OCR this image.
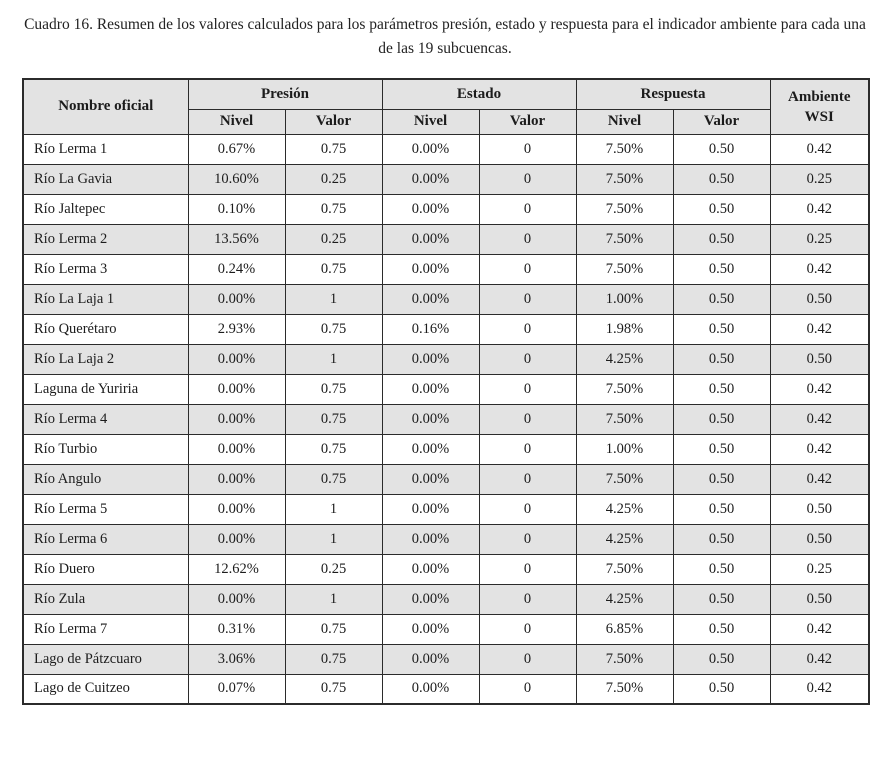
Cuadro 16. Resumen de los valores calculados para los parámetros presión, estado y respuesta para el indicador ambiente para cada una de las 19 subcuencas.

Nombre oficial	Presión		Estado		Respuesta		Ambiente
WSI
	Nivel	Valor	Nivel	Valor	Nivel	Valor	
Río Lerma 1	0.67%	0.75	0.00%	0	7.50%	0.50	0.42
Río La Gavia	10.60%	0.25	0.00%	0	7.50%	0.50	0.25
Río Jaltepec	0.10%	0.75	0.00%	0	7.50%	0.50	0.42
Río Lerma 2	13.56%	0.25	0.00%	0	7.50%	0.50	0.25
Río Lerma 3	0.24%	0.75	0.00%	0	7.50%	0.50	0.42
Río La Laja 1	0.00%	1	0.00%	0	1.00%	0.50	0.50
Río Querétaro	2.93%	0.75	0.16%	0	1.98%	0.50	0.42
Río La Laja 2	0.00%	1	0.00%	0	4.25%	0.50	0.50
Laguna de Yuriria	0.00%	0.75	0.00%	0	7.50%	0.50	0.42
Río Lerma 4	0.00%	0.75	0.00%	0	7.50%	0.50	0.42
Río Turbio	0.00%	0.75	0.00%	0	1.00%	0.50	0.42
Río Angulo	0.00%	0.75	0.00%	0	7.50%	0.50	0.42
Río Lerma 5	0.00%	1	0.00%	0	4.25%	0.50	0.50
Río Lerma 6	0.00%	1	0.00%	0	4.25%	0.50	0.50
Río Duero	12.62%	0.25	0.00%	0	7.50%	0.50	0.25
Río Zula	0.00%	1	0.00%	0	4.25%	0.50	0.50
Río Lerma 7	0.31%	0.75	0.00%	0	6.85%	0.50	0.42
Lago de Pátzcuaro	3.06%	0.75	0.00%	0	7.50%	0.50	0.42
Lago de Cuitzeo	0.07%	0.75	0.00%	0	7.50%	0.50	0.42
